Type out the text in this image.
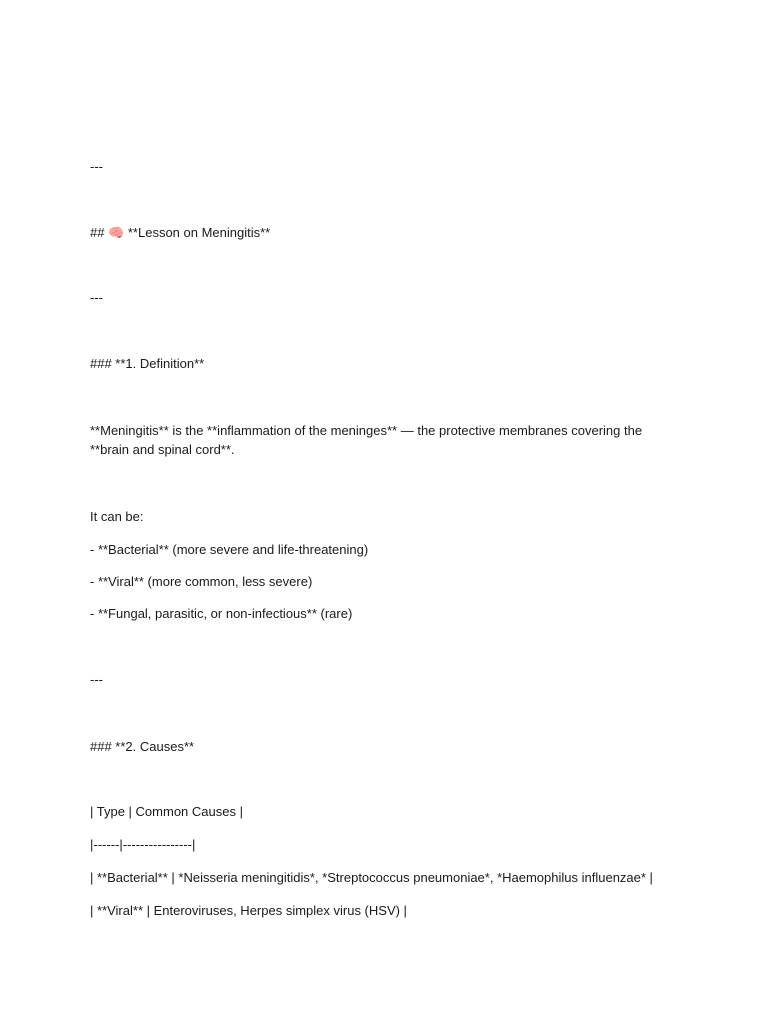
---
## 🧠 **Lesson on Meningitis**
---
### **1. Definition**
**Meningitis** is the **inflammation of the meninges** — the protective membranes covering the
**brain and spinal cord**.
It can be:
- **Bacterial** (more severe and life-threatening)
- **Viral** (more common, less severe)
- **Fungal, parasitic, or non-infectious** (rare)
---
### **2. Causes**
| Type | Common Causes |
|------|----------------|
| **Bacterial** | *Neisseria meningitidis*, *Streptococcus pneumoniae*, *Haemophilus influenzae* |
| **Viral** | Enteroviruses, Herpes simplex virus (HSV) |
